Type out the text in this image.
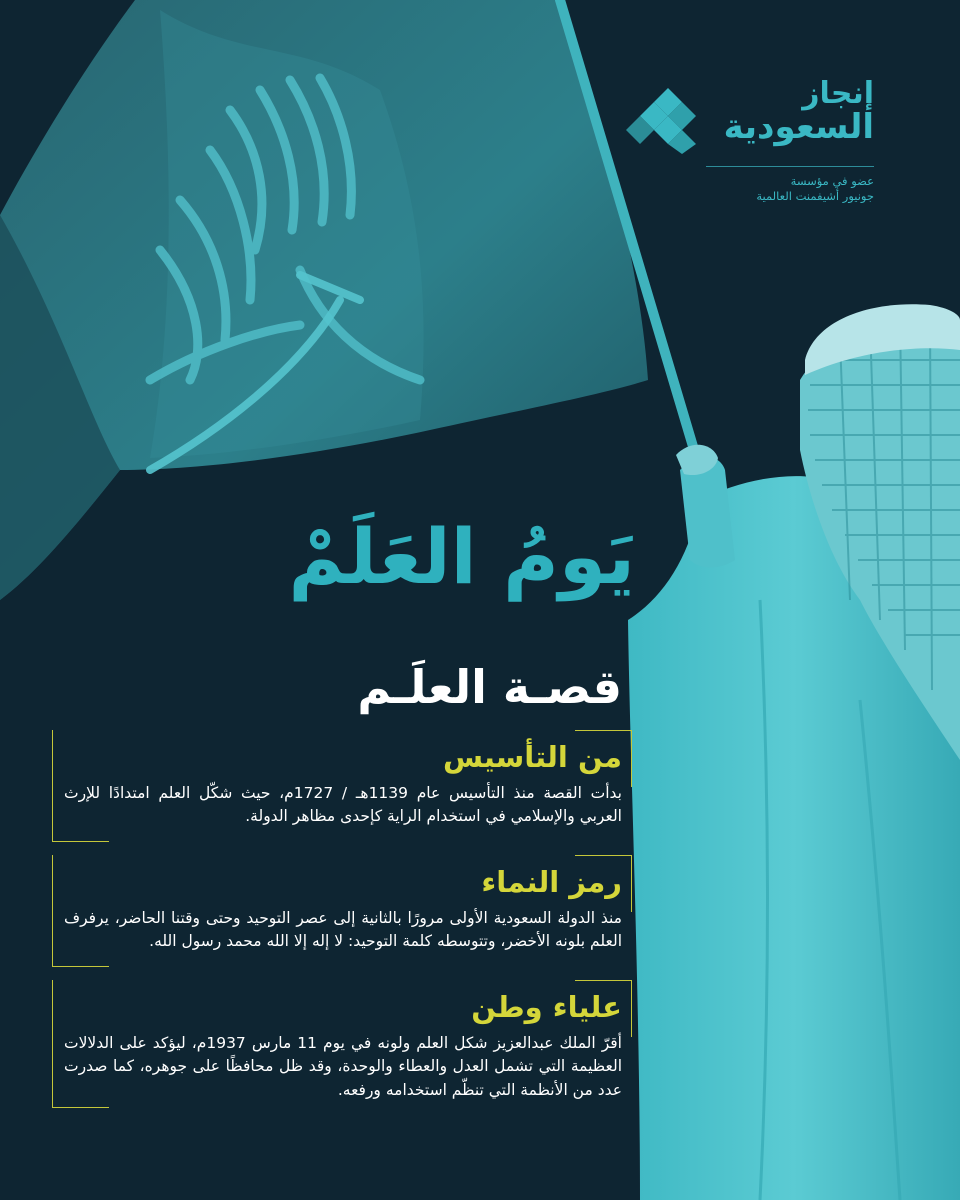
إنجاز
السعودية
عضو في مؤسسة
جونيور أشيفمنت العالمية
يَومُ العَلَمْ
قصـة العلَـم
من التأسيس

بدأت القصة منذ التأسيس عام 1139هـ / 1727م، حيث شكّل العلم امتدادًا للإرث العربي والإسلامي في استخدام الراية كإحدى مظاهر الدولة.

رمز النماء

منذ الدولة السعودية الأولى مرورًا بالثانية إلى عصر التوحيد وحتى وقتنا الحاضر، يرفرف العلم بلونه الأخضر، وتتوسطه كلمة التوحيد: لا إله إلا الله محمد رسول الله.

علياء وطن

أقرّ الملك عبدالعزيز شكل العلم ولونه في يوم 11 مارس 1937م، ليؤكد على الدلالات العظيمة التي تشمل العدل والعطاء والوحدة، وقد ظل محافظًا على جوهره، كما صدرت عدد من الأنظمة التي تنظّم استخدامه ورفعه.
